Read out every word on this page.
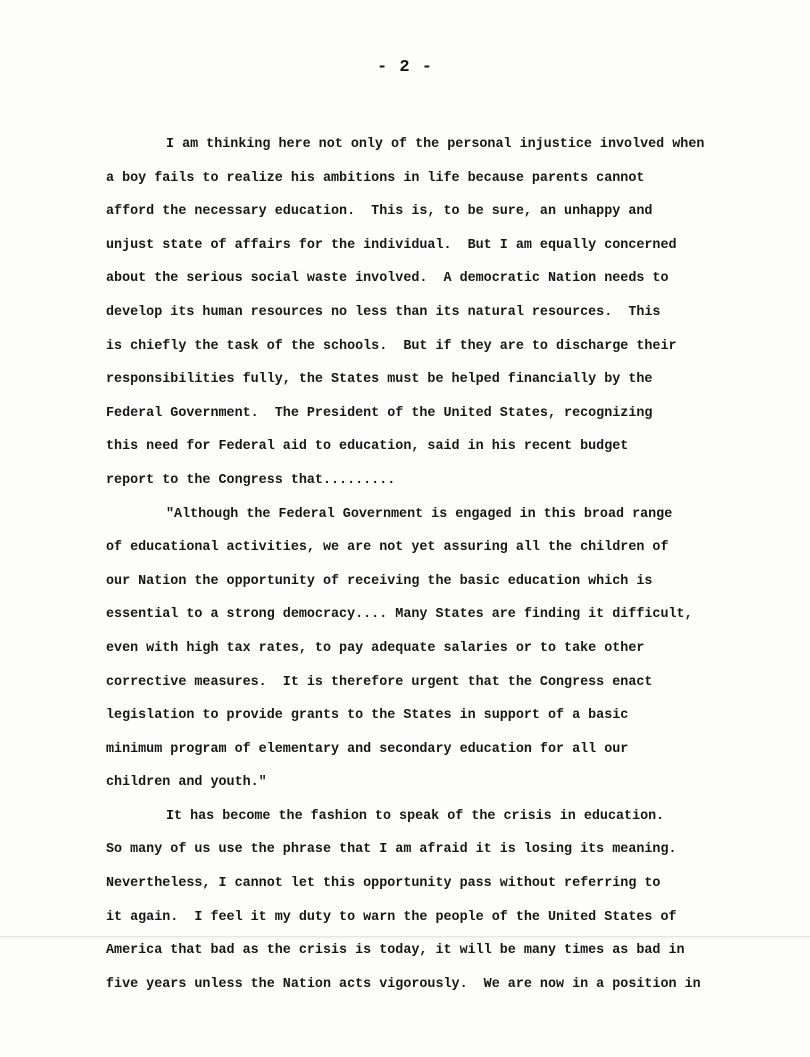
- 2 -
I am thinking here not only of the personal injustice involved when
a boy fails to realize his ambitions in life because parents cannot
afford the necessary education.  This is, to be sure, an unhappy and
unjust state of affairs for the individual.  But I am equally concerned
about the serious social waste involved.  A democratic Nation needs to
develop its human resources no less than its natural resources.  This
is chiefly the task of the schools.  But if they are to discharge their
responsibilities fully, the States must be helped financially by the
Federal Government.  The President of the United States, recognizing
this need for Federal aid to education, said in his recent budget
report to the Congress that.........
"Although the Federal Government is engaged in this broad range
of educational activities, we are not yet assuring all the children of
our Nation the opportunity of receiving the basic education which is
essential to a strong democracy.... Many States are finding it difficult,
even with high tax rates, to pay adequate salaries or to take other
corrective measures.  It is therefore urgent that the Congress enact
legislation to provide grants to the States in support of a basic
minimum program of elementary and secondary education for all our
children and youth."
It has become the fashion to speak of the crisis in education.
So many of us use the phrase that I am afraid it is losing its meaning.
Nevertheless, I cannot let this opportunity pass without referring to
it again.  I feel it my duty to warn the people of the United States of
America that bad as the crisis is today, it will be many times as bad in
five years unless the Nation acts vigorously.  We are now in a position in
